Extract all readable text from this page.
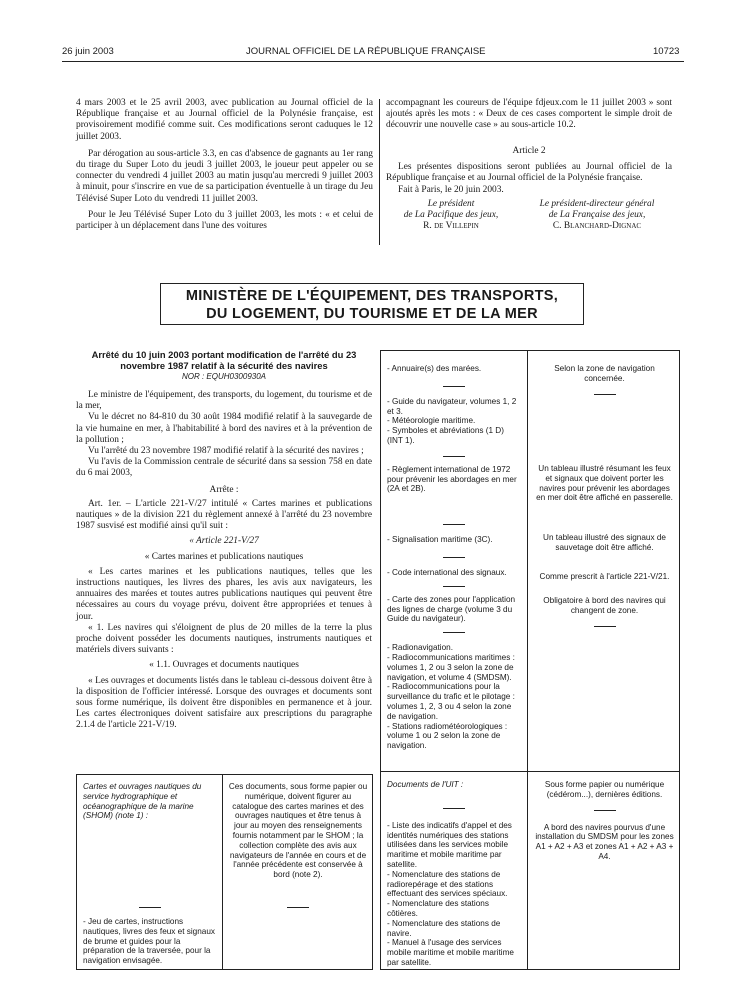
26 juin 2003	JOURNAL OFFICIEL DE LA RÉPUBLIQUE FRANÇAISE	10723

4 mars 2003 et le 25 avril 2003, avec publication au Journal officiel de la République française et au Journal officiel de la Polynésie française, est provisoirement modifié comme suit. Ces modifications seront caduques le 12 juillet 2003.

Par dérogation au sous-article 3.3, en cas d'absence de gagnants au 1er rang du tirage du Super Loto du jeudi 3 juillet 2003, le joueur peut appeler ou se connecter du vendredi 4 juillet 2003 au matin jusqu'au mercredi 9 juillet 2003 à minuit, pour s'inscrire en vue de sa participation éventuelle à un tirage du Jeu Télévisé Super Loto du vendredi 11 juillet 2003.

Pour le Jeu Télévisé Super Loto du 3 juillet 2003, les mots : « et celui de participer à un déplacement dans l'une des voitures

accompagnant les coureurs de l'équipe fdjeux.com le 11 juillet 2003 » sont ajoutés après les mots : « Deux de ces cases comportent le simple droit de découvrir une nouvelle case » au sous-article 10.2.

Article 2

Les présentes dispositions seront publiées au Journal officiel de la République française et au Journal officiel de la Polynésie française.

Fait à Paris, le 20 juin 2003.

Le président
de La Pacifique des jeux,
R. de Villepin
Le président-directeur général
de La Française des jeux,
C. Blanchard-Dignac
MINISTÈRE DE L'ÉQUIPEMENT, DES TRANSPORTS,
DU LOGEMENT, DU TOURISME ET DE LA MER

Arrêté du 10 juin 2003 portant modification de l'arrêté du 23 novembre 1987 relatif à la sécurité des navires

NOR : EQUH0300930A

Le ministre de l'équipement, des transports, du logement, du tourisme et de la mer,

Vu le décret no 84-810 du 30 août 1984 modifié relatif à la sauvegarde de la vie humaine en mer, à l'habitabilité à bord des navires et à la prévention de la pollution ;

Vu l'arrêté du 23 novembre 1987 modifié relatif à la sécurité des navires ;

Vu l'avis de la Commission centrale de sécurité dans sa session 758 en date du 6 mai 2003,

Arrête :

Art. 1er. – L'article 221-V/27 intitulé « Cartes marines et publications nautiques » de la division 221 du règlement annexé à l'arrêté du 23 novembre 1987 susvisé est modifié ainsi qu'il suit :

« Article 221-V/27

« Cartes marines et publications nautiques

« Les cartes marines et les publications nautiques, telles que les instructions nautiques, les livres des phares, les avis aux navigateurs, les annuaires des marées et toutes autres publications nautiques qui peuvent être nécessaires au cours du voyage prévu, doivent être appropriées et tenues à jour.

« 1. Les navires qui s'éloignent de plus de 20 milles de la terre la plus proche doivent posséder les documents nautiques, instruments nautiques et matériels divers suivants :

« 1.1. Ouvrages et documents nautiques

« Les ouvrages et documents listés dans le tableau ci-dessous doivent être à la disposition de l'officier intéressé. Lorsque des ouvrages et documents sont sous forme numérique, ils doivent être disponibles en permanence et à jour. Les cartes électroniques doivent satisfaire aux prescriptions du paragraphe 2.1.4 de l'article 221-V/19.

Cartes et ouvrages nautiques du service hydrographique et océanographique de la marine (SHOM) (note 1) :
Ces documents, sous forme papier ou numérique, doivent figurer au catalogue des cartes marines et des ouvrages nautiques et être tenus à jour au moyen des renseignements fournis notamment par le SHOM ; la collection complète des avis aux navigateurs de l'année en cours et de l'année précédente est conservée à bord (note 2).
- Jeu de cartes, instructions nautiques, livres des feux et signaux de brume et guides pour la préparation de la traversée, pour la navigation envisagée.
- Annuaire(s) des marées.
- Guide du navigateur, volumes 1, 2 et 3.
- Météorologie maritime.
- Symboles et abréviations (1 D) (INT 1).
- Règlement international de 1972 pour prévenir les abordages en mer (2A et 2B).
- Signalisation maritime (3C).
- Code international des signaux.
- Carte des zones pour l'application des lignes de charge (volume 3 du Guide du navigateur).
- Radionavigation.
- Radiocommunications maritimes : volumes 1, 2 ou 3 selon la zone de navigation, et volume 4 (SMDSM).
- Radiocommunications pour la surveillance du trafic et le pilotage : volumes 1, 2, 3 ou 4 selon la zone de navigation.
- Stations radiométéorologiques : volume 1 ou 2 selon la zone de navigation.

Selon la zone de navigation concernée.

Un tableau illustré résumant les feux et signaux que doivent porter les navires pour prévenir les abordages en mer doit être affiché en passerelle.

Un tableau illustré des signaux de sauvetage doit être affiché.

Comme prescrit à l'article 221-V/21.

Obligatoire à bord des navires qui changent de zone.

Documents de l'UIT :

- Liste des indicatifs d'appel et des identités numériques des stations utilisées dans les services mobile maritime et mobile maritime par satellite.
- Nomenclature des stations de radiorepérage et des stations effectuant des services spéciaux.
- Nomenclature des stations côtières.
- Nomenclature des stations de navire.
- Manuel à l'usage des services mobile maritime et mobile maritime par satellite.

Sous forme papier ou numérique (cédérom...), dernières éditions.

A bord des navires pourvus d'une installation du SMDSM pour les zones A1 + A2 + A3 et zones A1 + A2 + A3 + A4.
